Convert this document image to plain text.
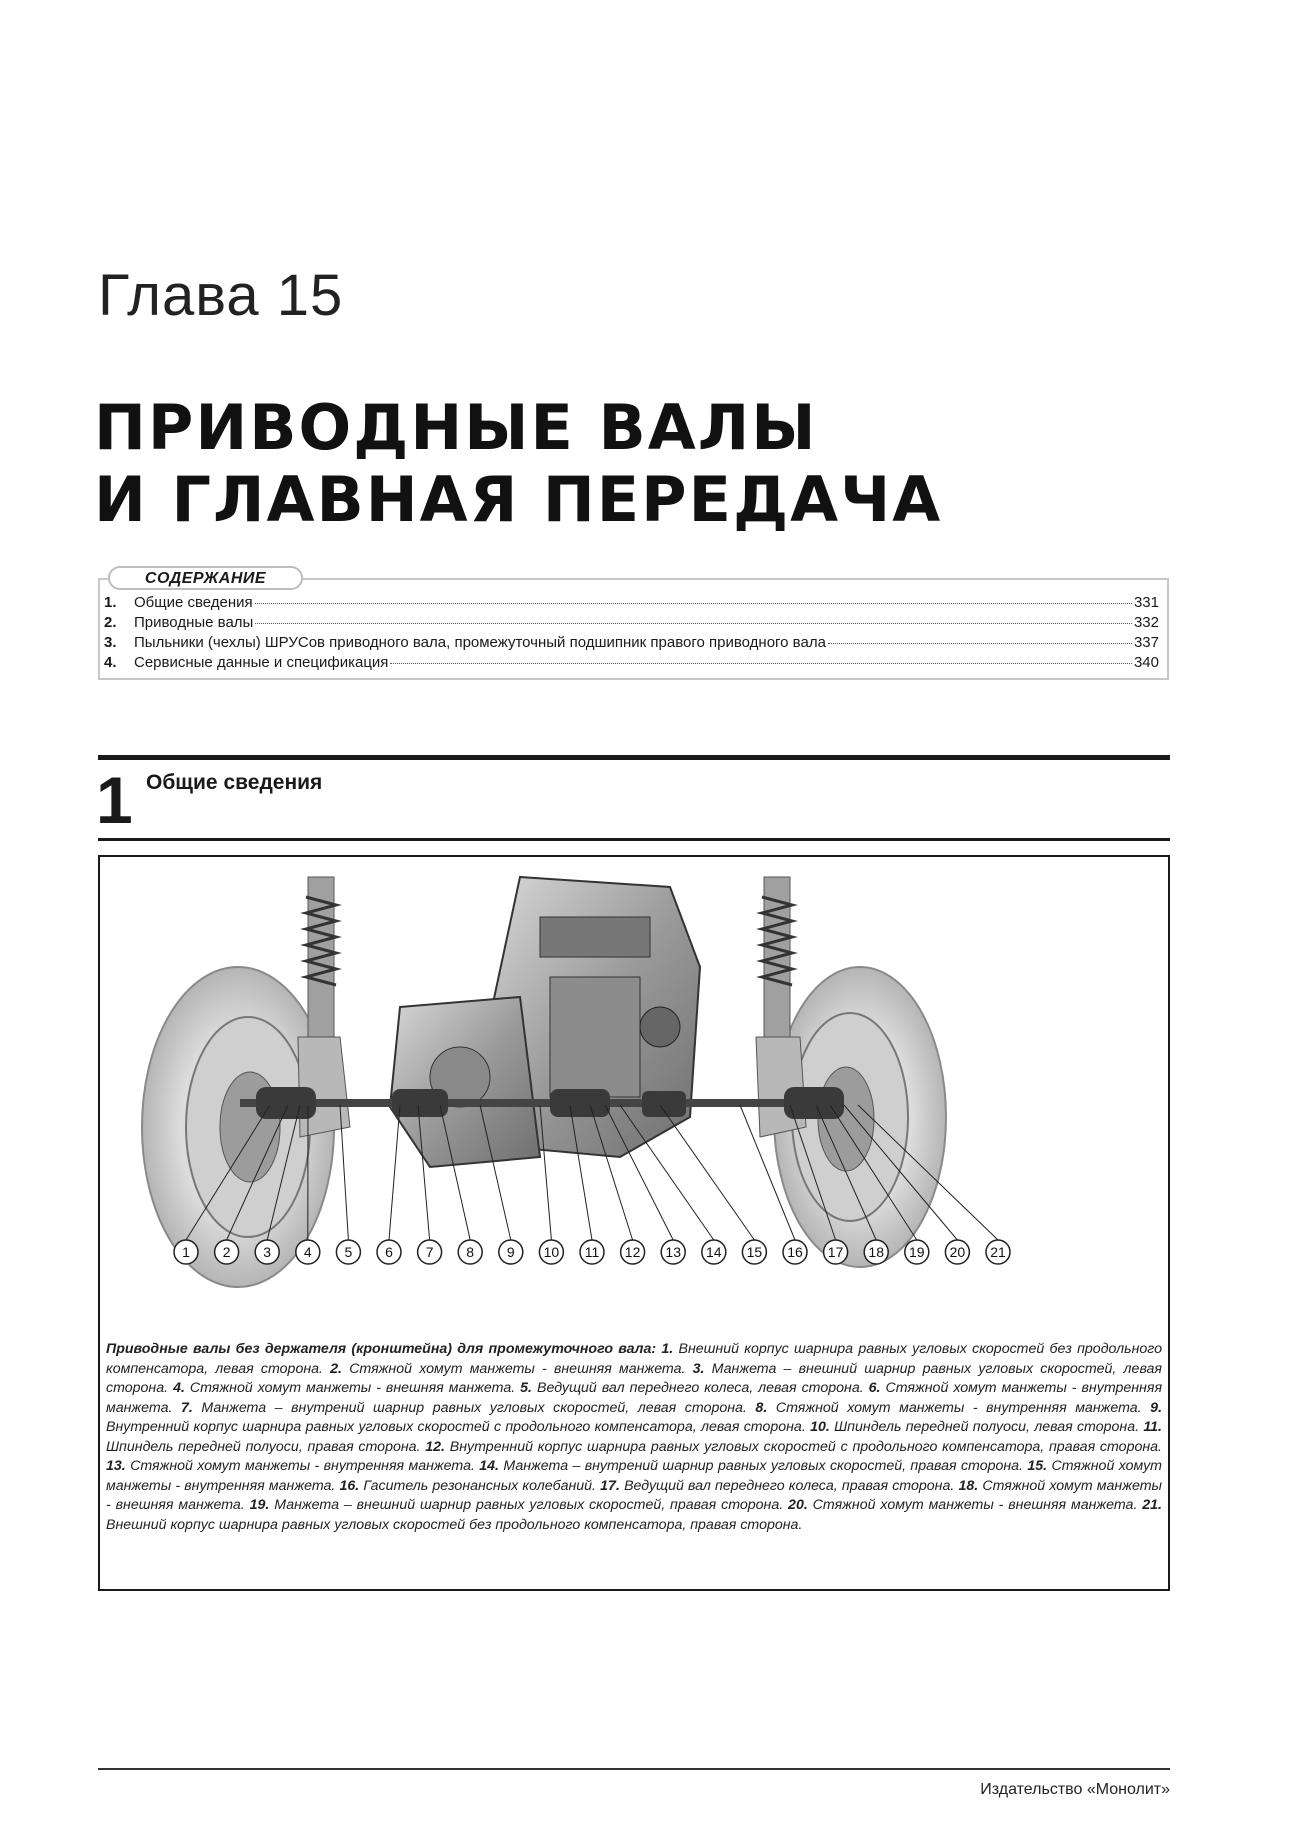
Глава 15
ПРИВОДНЫЕ ВАЛЫ
И ГЛАВНАЯ ПЕРЕДАЧА
СОДЕРЖАНИЕ
1.	Общие сведения	331
2.	Приводные валы	332
3.	Пыльники (чехлы) ШРУСов приводного вала, промежуточный подшипник правого приводного вала	337
4.	Сервисные данные и спецификация	340
1 Общие сведения
1 2 3 4 5 6 7 8 9 10 11 12 13 14 15 16 17 18 19 20 21
Приводные валы без держателя (кронштейна) для промежуточного вала: 1. Внешний корпус шарнира равных угловых скоростей без продольного компенсатора, левая сторона. 2. Стяжной хомут манжеты - внешняя манжета. 3. Манжета – внешний шарнир равных угловых скоростей, левая сторона. 4. Стяжной хомут манжеты - внешняя манжета. 5. Ведущий вал переднего колеса, левая сторона. 6. Стяжной хомут манжеты - внутренняя манжета. 7. Манжета – внутрений шарнир равных угловых скоростей, левая сторона. 8. Стяжной хомут манжеты - внутренняя манжета. 9. Внутренний корпус шарнира равных угловых скоростей с продольного компенсатора, левая сторона. 10. Шпиндель передней полуоси, левая сторона. 11. Шпиндель передней полуоси, правая сторона. 12. Внутренний корпус шарнира равных угловых скоростей с продольного компенсатора, правая сторона. 13. Стяжной хомут манжеты - внутренняя манжета. 14. Манжета – внутрений шарнир равных угловых скоростей, правая сторона. 15. Стяжной хомут манжеты - внутренняя манжета. 16. Гаситель резонансных колебаний. 17. Ведущий вал переднего колеса, правая сторона. 18. Стяжной хомут манжеты - внешняя манжета. 19. Манжета – внешний шарнир равных угловых скоростей, правая сторона. 20. Стяжной хомут манжеты - внешняя манжета. 21. Внешний корпус шарнира равных угловых скоростей без продольного компенсатора, правая сторона.
Издательство «Монолит»
